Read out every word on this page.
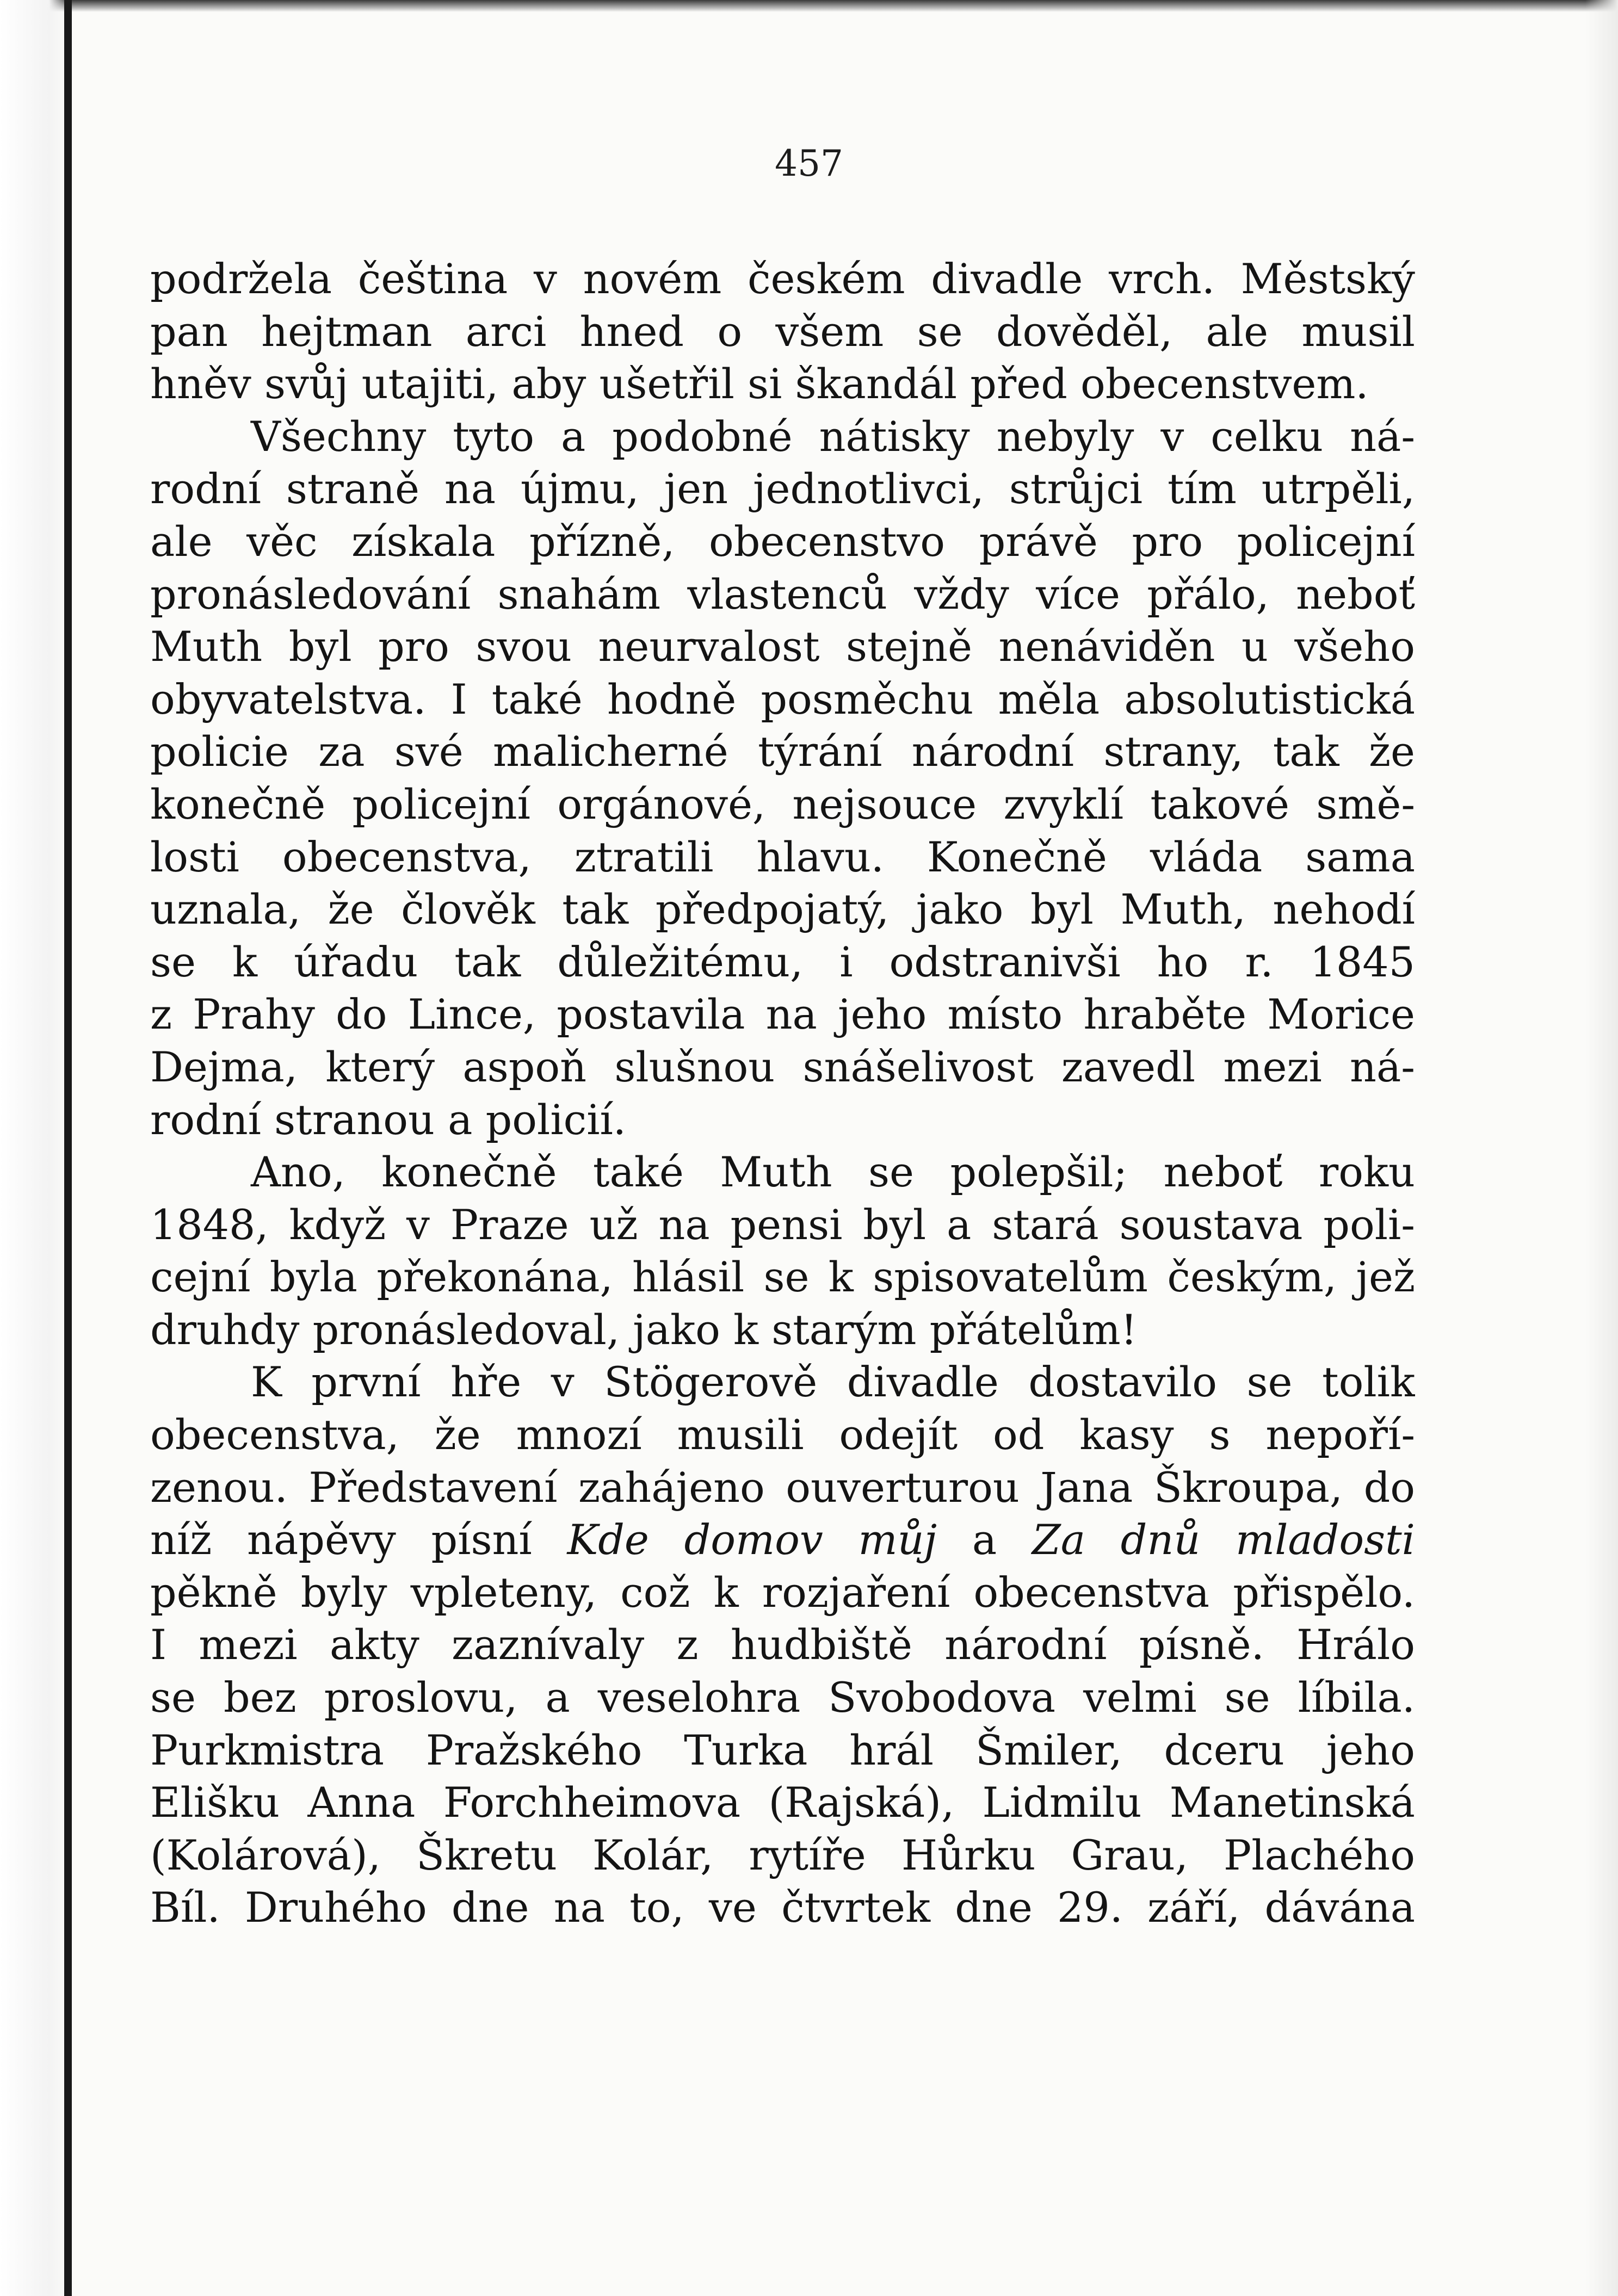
457
podržela čeština v novém českém divadle vrch. Městský
pan hejtman arci hned o všem se dověděl, ale musil
hněv svůj utajiti, aby ušetřil si škandál před obecenstvem.
Všechny tyto a podobné nátisky nebyly v celku ná-
rodní straně na újmu, jen jednotlivci, strůjci tím utrpěli,
ale věc získala přízně, obecenstvo právě pro policejní
pronásledování snahám vlastenců vždy více přálo, neboť
Muth byl pro svou neurvalost stejně nenáviděn u všeho
obyvatelstva. I také hodně posměchu měla absolutistická
policie za své malicherné týrání národní strany, tak že
konečně policejní orgánové, nejsouce zvyklí takové smě-
losti obecenstva, ztratili hlavu. Konečně vláda sama
uznala, že člověk tak předpojatý, jako byl Muth, nehodí
se k úřadu tak důležitému, i odstranivši ho r. 1845
z Prahy do Lince, postavila na jeho místo hraběte Morice
Dejma, který aspoň slušnou snášelivost zavedl mezi ná-
rodní stranou a policií.
Ano, konečně také Muth se polepšil; neboť roku
1848, když v Praze už na pensi byl a stará soustava poli-
cejní byla překonána, hlásil se k spisovatelům českým, jež
druhdy pronásledoval, jako k starým přátelům!
K první hře v Stögerově divadle dostavilo se tolik
obecenstva, že mnozí musili odejít od kasy s nepoří-
zenou. Představení zahájeno ouverturou Jana Škroupa, do
níž nápěvy písní Kde domov můj a Za dnů mladosti
pěkně byly vpleteny, což k rozjaření obecenstva přispělo.
I mezi akty zaznívaly z hudbiště národní písně. Hrálo
se bez proslovu, a veselohra Svobodova velmi se líbila.
Purkmistra Pražského Turka hrál Šmiler, dceru jeho
Elišku Anna Forchheimova (Rajská), Lidmilu Manetinská
(Kolárová), Škretu Kolár, rytíře Hůrku Grau, Plachého
Bíl. Druhého dne na to, ve čtvrtek dne 29. září, dávána
